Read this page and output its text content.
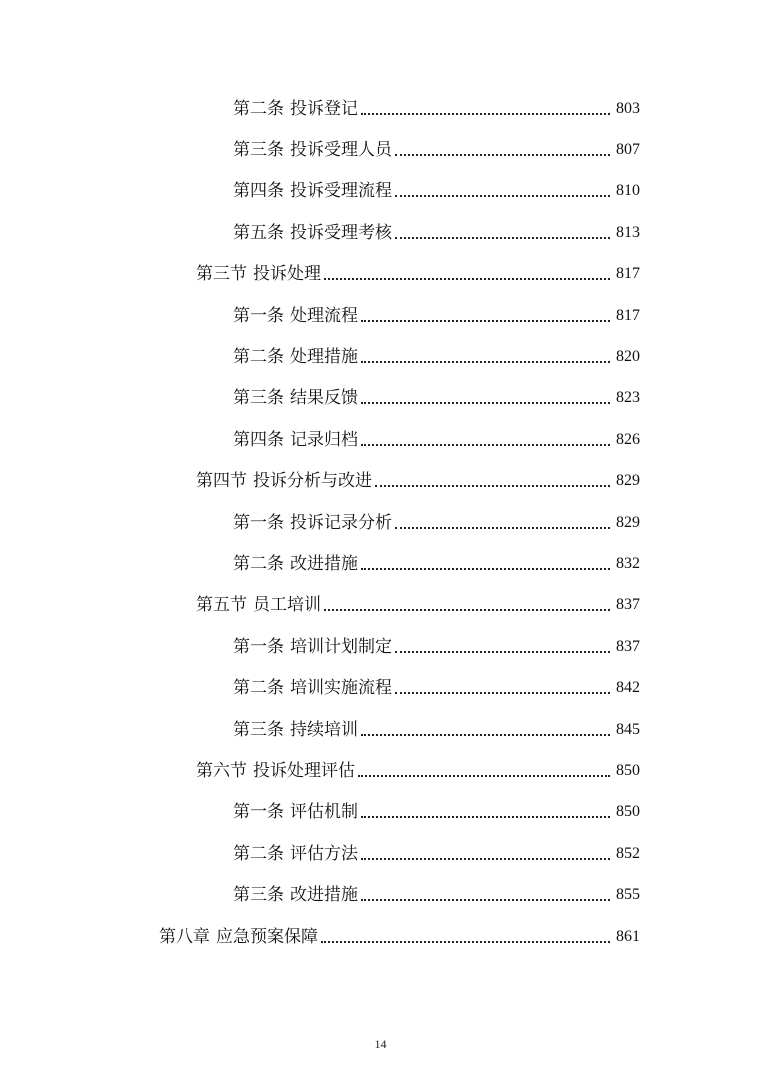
第二条 投诉登记	803
第三条 投诉受理人员	807
第四条 投诉受理流程	810
第五条 投诉受理考核	813
第三节 投诉处理	817
第一条 处理流程	817
第二条 处理措施	820
第三条 结果反馈	823
第四条 记录归档	826
第四节 投诉分析与改进	829
第一条 投诉记录分析	829
第二条 改进措施	832
第五节 员工培训	837
第一条 培训计划制定	837
第二条 培训实施流程	842
第三条 持续培训	845
第六节 投诉处理评估	850
第一条 评估机制	850
第二条 评估方法	852
第三条 改进措施	855
第八章 应急预案保障	861
14
